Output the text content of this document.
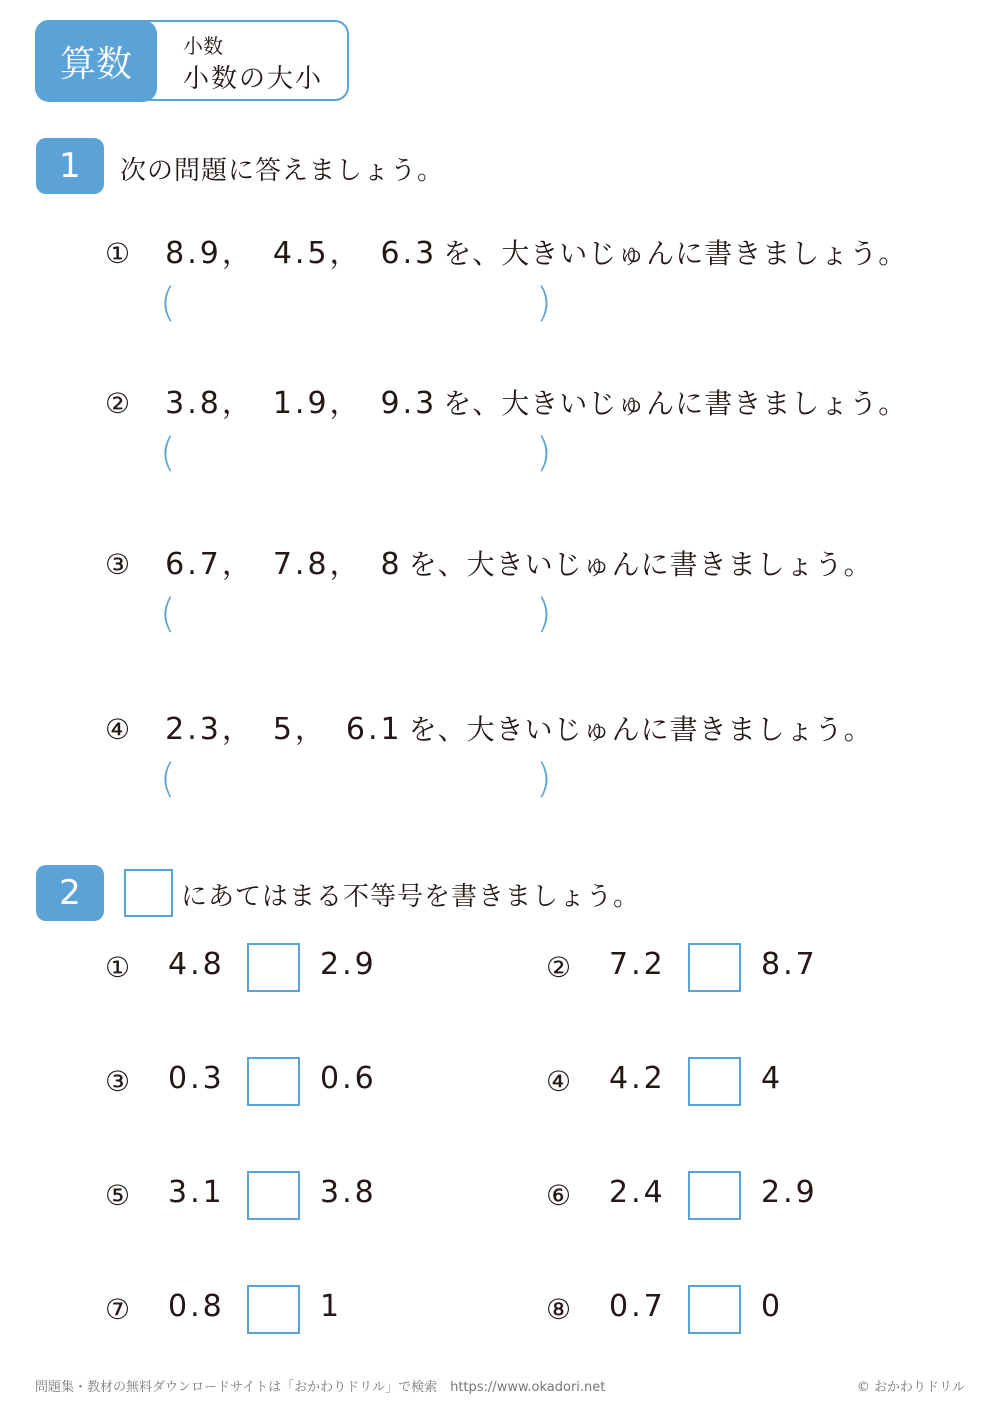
算数	小数
小数の大小
1	次の問題に答えましょう。
① 8.9，　4.5，　6.3 を、大きいじゅんに書きましょう。
(	)
② 3.8，　1.9，　9.3 を、大きいじゅんに書きましょう。
(	)
③ 6.7，　7.8，　8 を、大きいじゅんに書きましょう。
(	)
④ 2.3，　5，　6.1 を、大きいじゅんに書きましょう。
(	)
2	にあてはまる不等号を書きましょう。
① 4.8	2.9	② 7.2	8.7
③ 0.3	0.6	④ 4.2	4
⑤ 3.1	3.8	⑥ 2.4	2.9
⑦ 0.8	1	⑧ 0.7	0
問題集・教材の無料ダウンロードサイトは「おかわりドリル」で検索　https://www.okadori.net	© おかわりドリル
